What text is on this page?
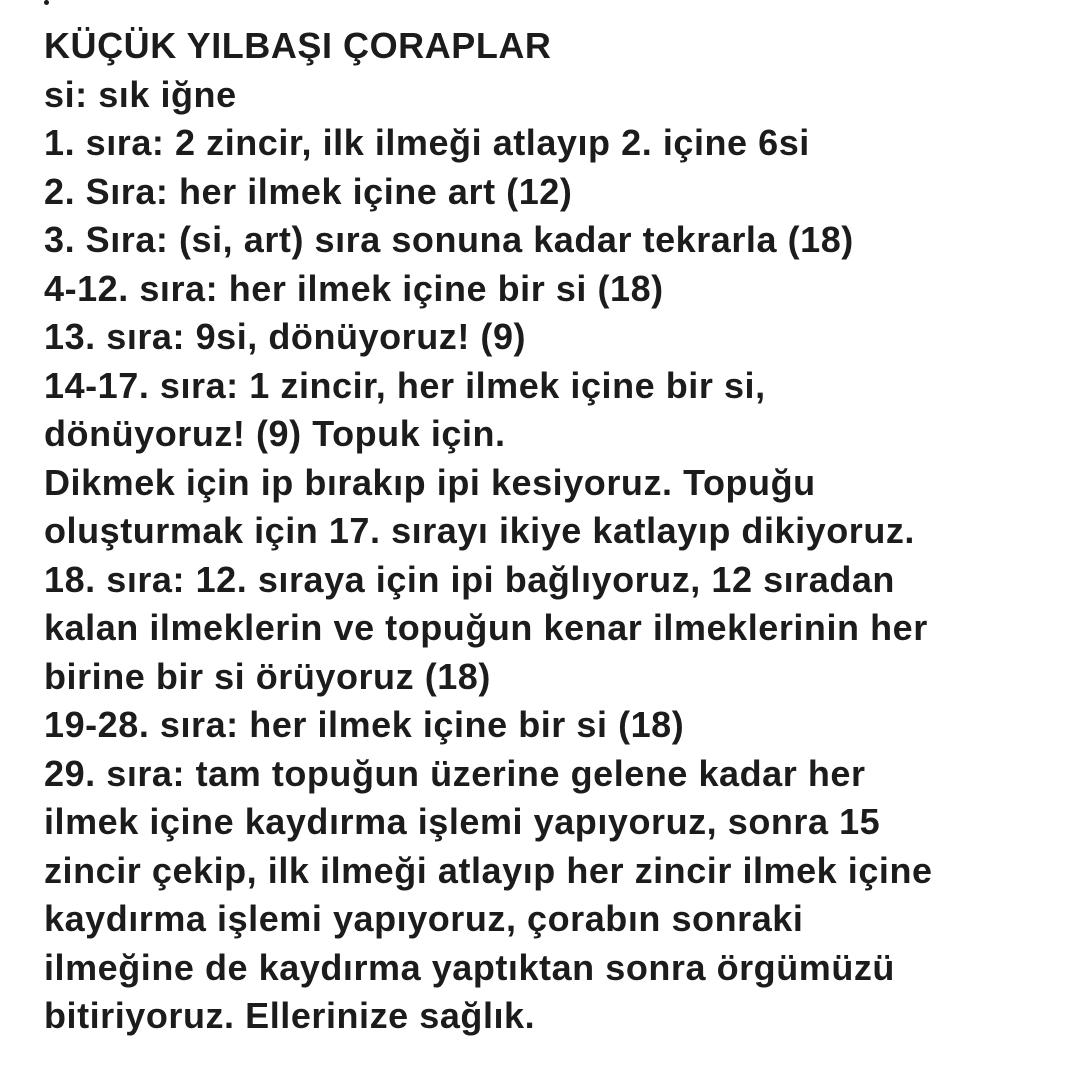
KÜÇÜK YILBAŞI ÇORAPLAR
si: sık iğne
1. sıra: 2 zincir, ilk ilmeği atlayıp 2. içine 6si
2. Sıra: her ilmek içine art (12)
3. Sıra: (si, art) sıra sonuna kadar tekrarla (18)
4-12. sıra: her ilmek içine bir si (18)
13. sıra: 9si, dönüyoruz! (9)
14-17. sıra: 1 zincir, her ilmek içine bir si,
dönüyoruz! (9) Topuk için.
Dikmek için ip bırakıp ipi kesiyoruz. Topuğu
oluşturmak için 17. sırayı ikiye katlayıp dikiyoruz.
18. sıra: 12. sıraya için ipi bağlıyoruz, 12 sıradan
kalan ilmeklerin ve topuğun kenar ilmeklerinin her
birine bir si örüyoruz (18)
19-28. sıra: her ilmek içine bir si (18)
29. sıra: tam topuğun üzerine gelene kadar her
ilmek içine kaydırma işlemi yapıyoruz, sonra 15
zincir çekip, ilk ilmeği atlayıp her zincir ilmek içine
kaydırma işlemi yapıyoruz, çorabın sonraki
ilmeğine de kaydırma yaptıktan sonra örgümüzü
bitiriyoruz. Ellerinize sağlık.
